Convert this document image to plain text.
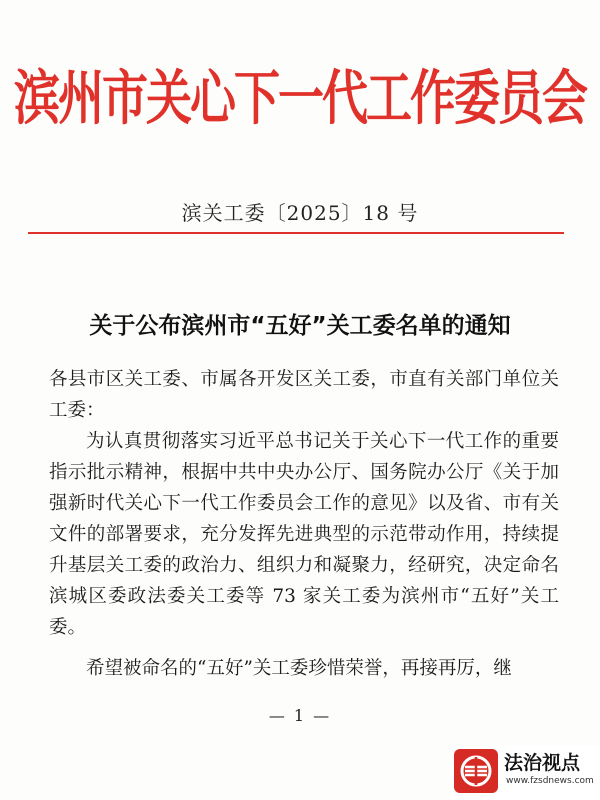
滨州市关心下一代工作委员会
滨关工委〔2025〕18 号
关于公布滨州市“五好”关工委名单的通知

各县市区关工委、市属各开发区关工委，市直有关部门单位关工委：

为认真贯彻落实习近平总书记关于关心下一代工作的重要指示批示精神，根据中共中央办公厅、国务院办公厅《关于加强新时代关心下一代工作委员会工作的意见》以及省、市有关文件的部署要求，充分发挥先进典型的示范带动作用，持续提升基层关工委的政治力、组织力和凝聚力，经研究，决定命名滨城区委政法委关工委等 73 家关工委为滨州市“五好”关工委。

希望被命名的“五好”关工委珍惜荣誉，再接再厉，继

— 1 —
法治视点
www.fzsdnews.com
